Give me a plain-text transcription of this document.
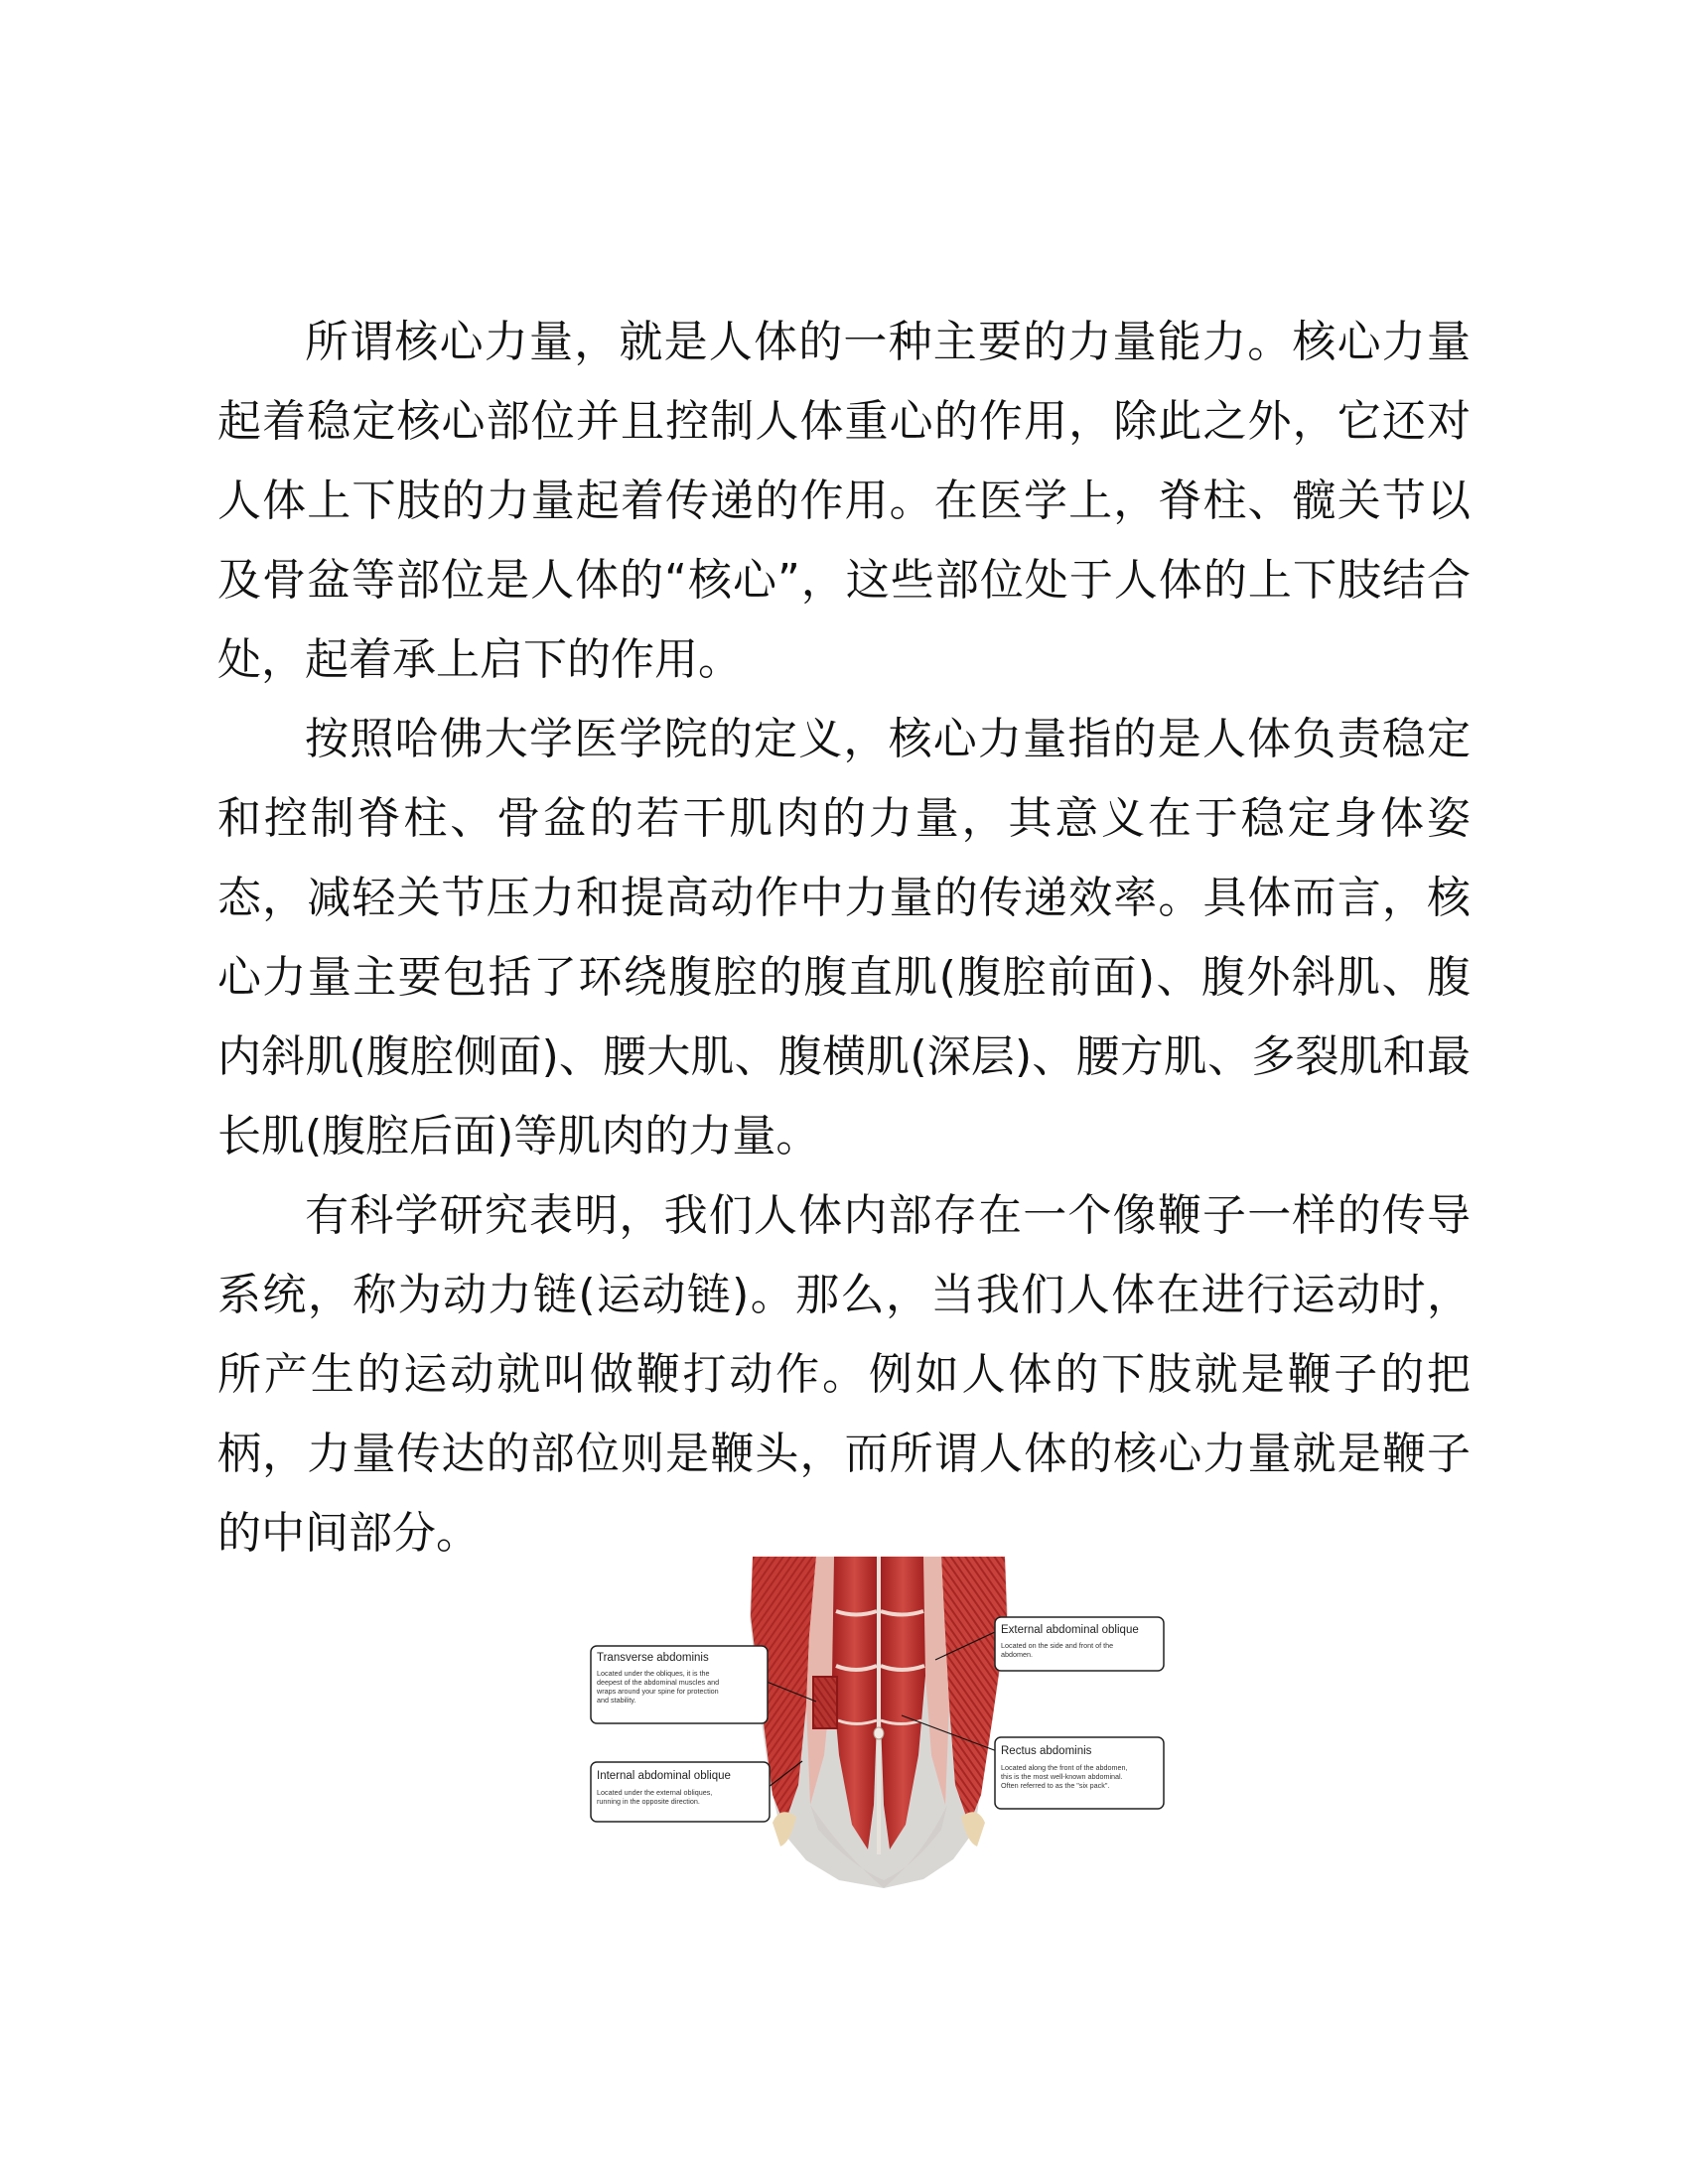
所谓核心力量，就是人体的一种主要的力量能力。核心力量起着稳定核心部位并且控制人体重心的作用，除此之外，它还对人体上下肢的力量起着传递的作用。在医学上，脊柱、髋关节以及骨盆等部位是人体的“核心”，这些部位处于人体的上下肢结合处，起着承上启下的作用。

按照哈佛大学医学院的定义，核心力量指的是人体负责稳定和控制脊柱、骨盆的若干肌肉的力量，其意义在于稳定身体姿态，减轻关节压力和提高动作中力量的传递效率。具体而言，核心力量主要包括了环绕腹腔的腹直肌(腹腔前面)、腹外斜肌、腹内斜肌(腹腔侧面)、腰大肌、腹横肌(深层)、腰方肌、多裂肌和最长肌(腹腔后面)等肌肉的力量。

有科学研究表明，我们人体内部存在一个像鞭子一样的传导系统，称为动力链(运动链)。那么，当我们人体在进行运动时，所产生的运动就叫做鞭打动作。例如人体的下肢就是鞭子的把柄，力量传达的部位则是鞭头，而所谓人体的核心力量就是鞭子的中间部分。

Transverse abdominis
Located under the obliques, it is the
deepest of the abdominal muscles and
wraps around your spine for protection
and stability.
External abdominal oblique
Located on the side and front of the
abdomen.
Internal abdominal oblique
Located under the external obliques,
running in the opposite direction.
Rectus abdominis
Located along the front of the abdomen,
this is the most well-known abdominal.
Often referred to as the "six pack".
